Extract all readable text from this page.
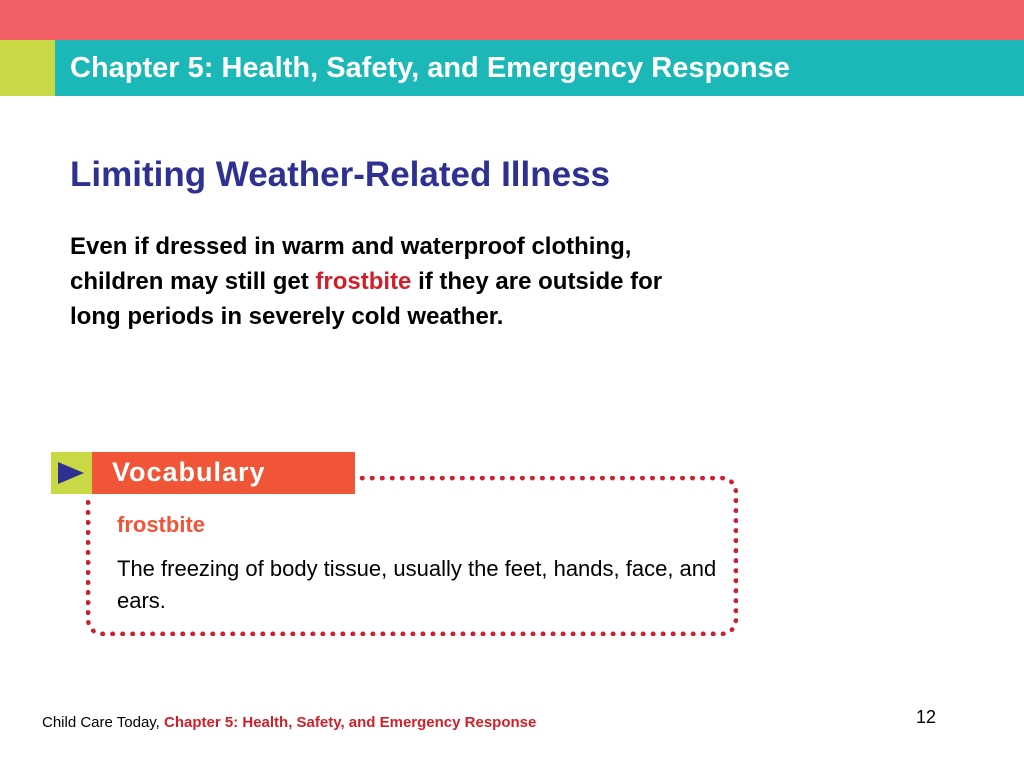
Chapter 5: Health, Safety, and Emergency Response
Limiting Weather-Related Illness
Even if dressed in warm and waterproof clothing, children may still get frostbite if they are outside for long periods in severely cold weather.
Vocabulary
frostbite
The freezing of body tissue, usually the feet, hands, face, and ears.
Child Care Today, Chapter 5: Health, Safety, and Emergency Response	12
